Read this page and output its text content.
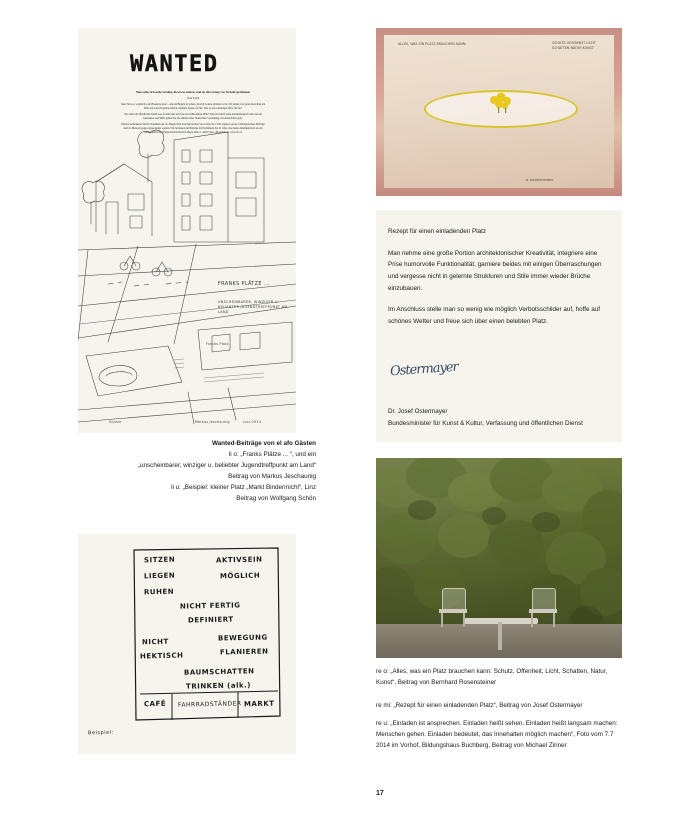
WANTED

Man sollte sich mehr Straßen, die etwas anderes sind als die Lösung von Verkehrsproblemen

Josef Frank

Jeder Stria so vergleich, jede Baustelle Izeal – und am Beginn ist selten, jeh sich Lokale entlarten wird. Oft jemals von guten Absichten am Ende ein etwas Ergebnis zurück. Deshalb fragen wir Sie: Was ist ein rentabelger Platz für Sie?

Wie sieht ein öffentlicher Raum aus, in dem man sich frei und willkommen fühlt? Wieviel bedarf seine Anziehungskraft und was ein Gestaltetes auf? Bitte gehen Sie uns anhand einer Skizze Ihre Vorstellung von einem Platz preis.

Weitere/sicherheren Sie Ihr Statement der afo Hagen Platt und überreichen Sie es bitte bis 15.09. signiert an uns. Umfangreichere Beiträge sind als Material gegen angestanden werden. Wir bedanken die Beiträge im Nachhinein Sie 21 Jahre alte Kunst-Jubiläumsbuch als ein Architekturform Oberösterreich, Herbert-Bayer-Platz 1, 4020 Linz, office@afo.at, www.afo.at

FRANKS PLÄTZE ...
UNSCHEINBARER, WINZIGER U. BELIEBTER JUGENDTREFFPUNKT AM LAND
Franks Platz
Skizze	Markus Jeschaunig	Linz 2014
Wanted-Beiträge von el afo Gästen
li o: „Franks Plätze ... “, und ein
„unscheinbarer, winziger u. beliebter Jugendtreffpunkt am Land“
Beitrag von Markus Jeschaunig
li u: „Beispiel: kleiner Platz „Markt Bindermichl“, Linz
Beitrag von Wolfgang Schön
SITZEN	AKTIVSEIN
LIEGEN	MÖGLICH
RUHEN
NICHT FERTIG
DEFINIERT
NICHT	BEWEGUNG
HEKTISCH	FLANIEREN
BAUMSCHATTEN
TRINKEN (alk.)
CAFÉ FAHRRADSTÄNDER MARKT
Beispiel:
ALLES, WAS EIN PLATZ BRAUCHEN KANN:	SCHUTZ OFFENHEIT LICHT SCHATTEN NATUR KUNST
B. ROSENSTEINER

Rezept für einen einladenden Platz

Man nehme eine große Portion architektonischer Kreativität, integriere eine Prise humorvolle Funktionalität, garniere beides mit einigen Überraschungen und vergesse nicht in gelernte Strukturen und Stile immer wieder Brüche einzubauen.

Im Anschluss stelle man so wenig wie möglich Verbotsschilder auf, hoffe auf schönes Wetter und freue sich über einen belebten Platz.

Ostermayer
Dr. Josef Ostermayer
Bundesminister für Kunst & Kultur, Verfassung und öffentlichen Dienst
re o: „Alles, was ein Platz brauchen kann: Schutz, Offenheit, Licht, Schatten, Natur, Kunst“, Beitrag von Bernhard Rosensteiner
re mi: „Rezept für einen einladenden Platz“, Beitrag von Josef Ostermayer
re u: „Einladen ist ansprechen. Einladen heißt sehen. Einladen heißt langsam machen: Menschen gehen. Einladen bedeutet, das Innehalten möglich machen“, Foto vom 7.7 2014 im Vorhof, Bildungshaus Buchberg, Beitrag von Michael Zinner
17
